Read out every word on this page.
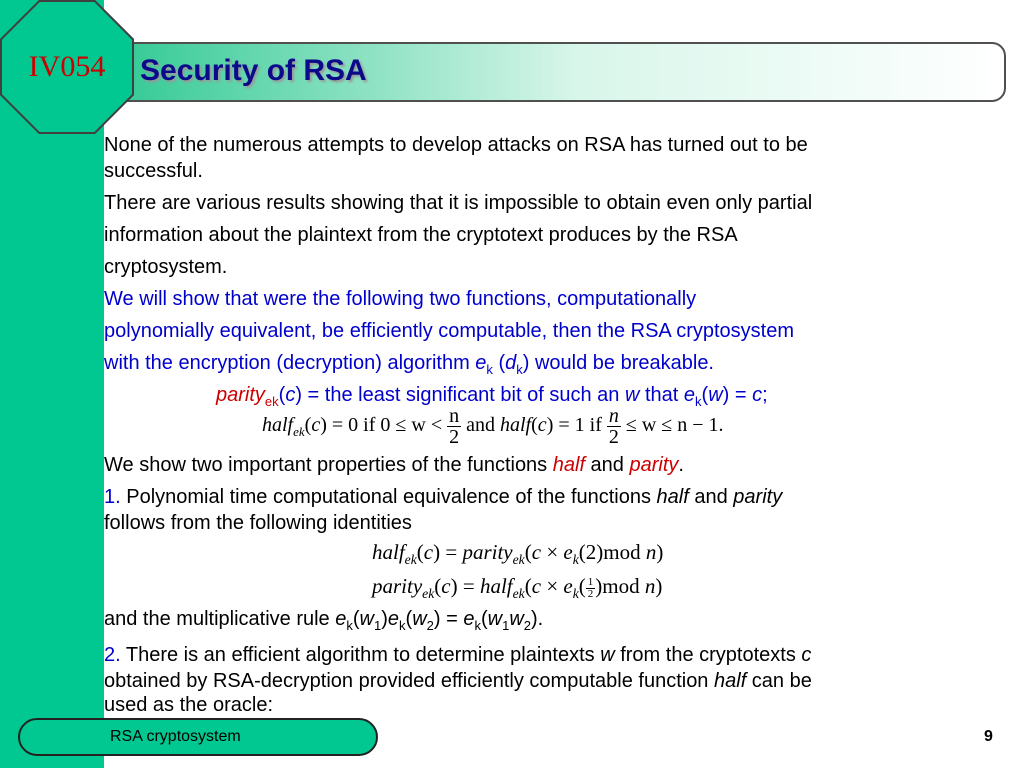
IV054	Security of RSA
None of the numerous attempts to develop attacks on RSA has turned out to be
successful.
There are various results showing that it is impossible to obtain even only partial
information about the plaintext from the cryptotext produces by the RSA
cryptosystem.
We will show that were the following two functions, computationally
polynomially equivalent, be efficiently computable, then the RSA cryptosystem
with the encryption (decryption) algorithm $e_k$ $(d_k)$ would be breakable.
parity$_{ek}$(c) = the least significant bit of such an w that $e_k(w) = c$;
half$_{ek}$(c) = 0 if $0 \le w < \frac{n}{2}$ and half(c) = 1 if $\frac{n}{2} \le w \le n - 1$.
We show two important properties of the functions half and parity.
1. Polynomial time computational equivalence of the functions half and parity
follows from the following identities
half$_{ek}$(c) = parity$_{ek}$(c × $e_k(2)mod$ n)
parity$_{ek}$(c) = half$_{ek}$(c × $e_k( \frac{1}{2} )mod$ n)
and the multiplicative rule $e_k(w_1)e_k(w_2) = e_k(w_1w_2)$.
2. There is an efficient algorithm to determine plaintexts w from the cryptotexts c
obtained by RSA-decryption provided efficiently computable function half can be
used as the oracle:
RSA cryptosystem	9
